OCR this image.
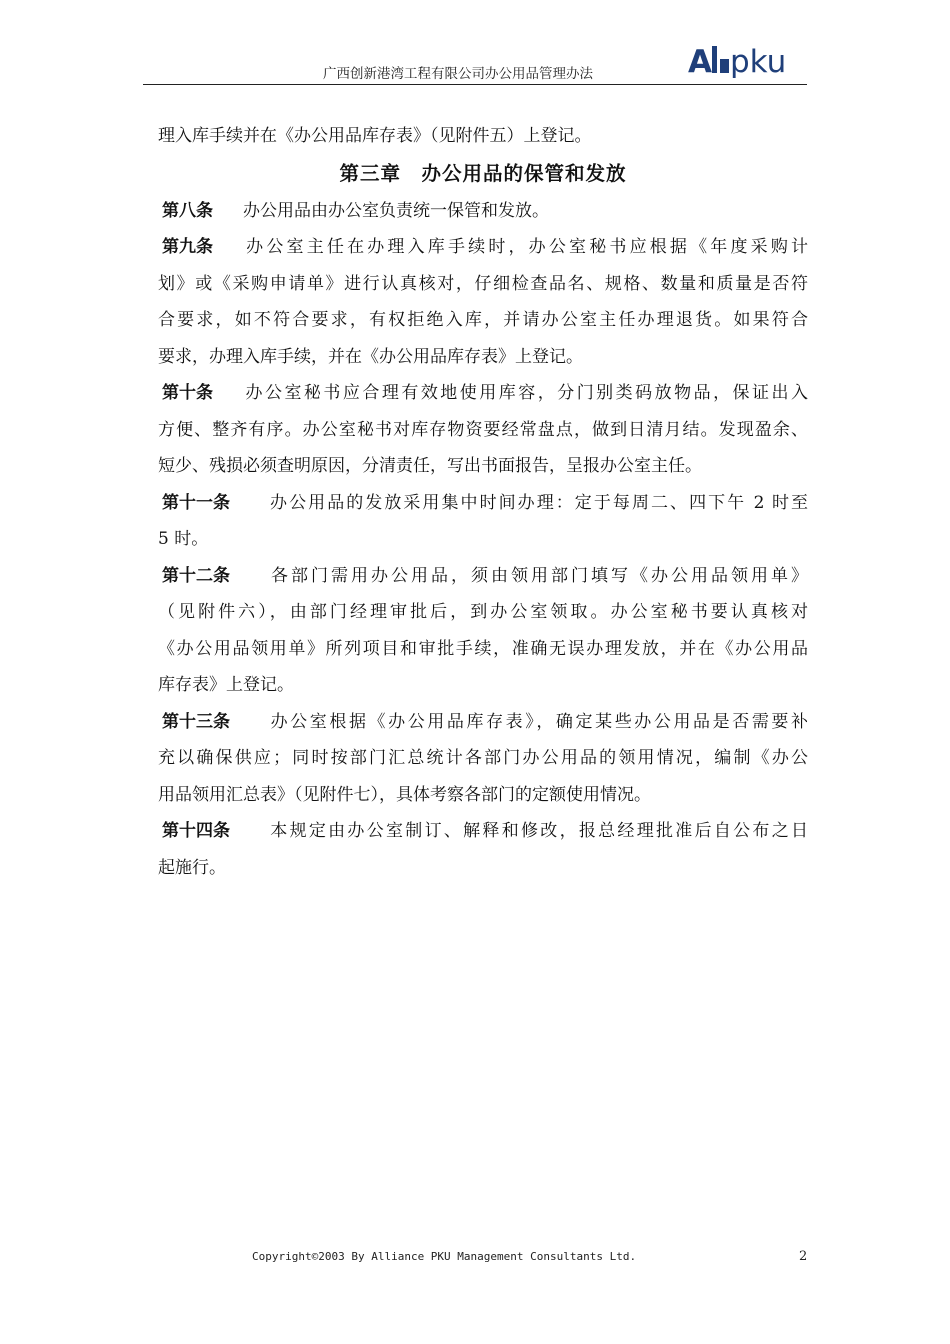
广西创新港湾工程有限公司办公用品管理办法	A pku
理入库手续并在《办公用品库存表》（见附件五）上登记。
第三章　办公用品的保管和发放
第八条 办公用品由办公室负责统一保管和发放。
第九条 办公室主任在办理入库手续时，办公室秘书应根据《年度采购计
划》或《采购申请单》进行认真核对，仔细检查品名、规格、数量和质量是否符
合要求，如不符合要求，有权拒绝入库，并请办公室主任办理退货。如果符合
要求，办理入库手续，并在《办公用品库存表》上登记。
第十条 办公室秘书应合理有效地使用库容，分门别类码放物品，保证出入
方便、整齐有序。办公室秘书对库存物资要经常盘点，做到日清月结。发现盈余、
短少、残损必须查明原因，分清责任，写出书面报告，呈报办公室主任。
第十一条 办公用品的发放采用集中时间办理：定于每周二、四下午 2 时至
5 时。
第十二条 各部门需用办公用品，须由领用部门填写《办公用品领用单》
（见附件六），由部门经理审批后，到办公室领取。办公室秘书要认真核对
《办公用品领用单》所列项目和审批手续，准确无误办理发放，并在《办公用品
库存表》上登记。
第十三条 办公室根据《办公用品库存表》，确定某些办公用品是否需要补
充以确保供应；同时按部门汇总统计各部门办公用品的领用情况，编制《办公
用品领用汇总表》（见附件七），具体考察各部门的定额使用情况。
第十四条 本规定由办公室制订、解释和修改，报总经理批准后自公布之日
起施行。
Copyright©2003 By Alliance PKU Management Consultants Ltd.	2
